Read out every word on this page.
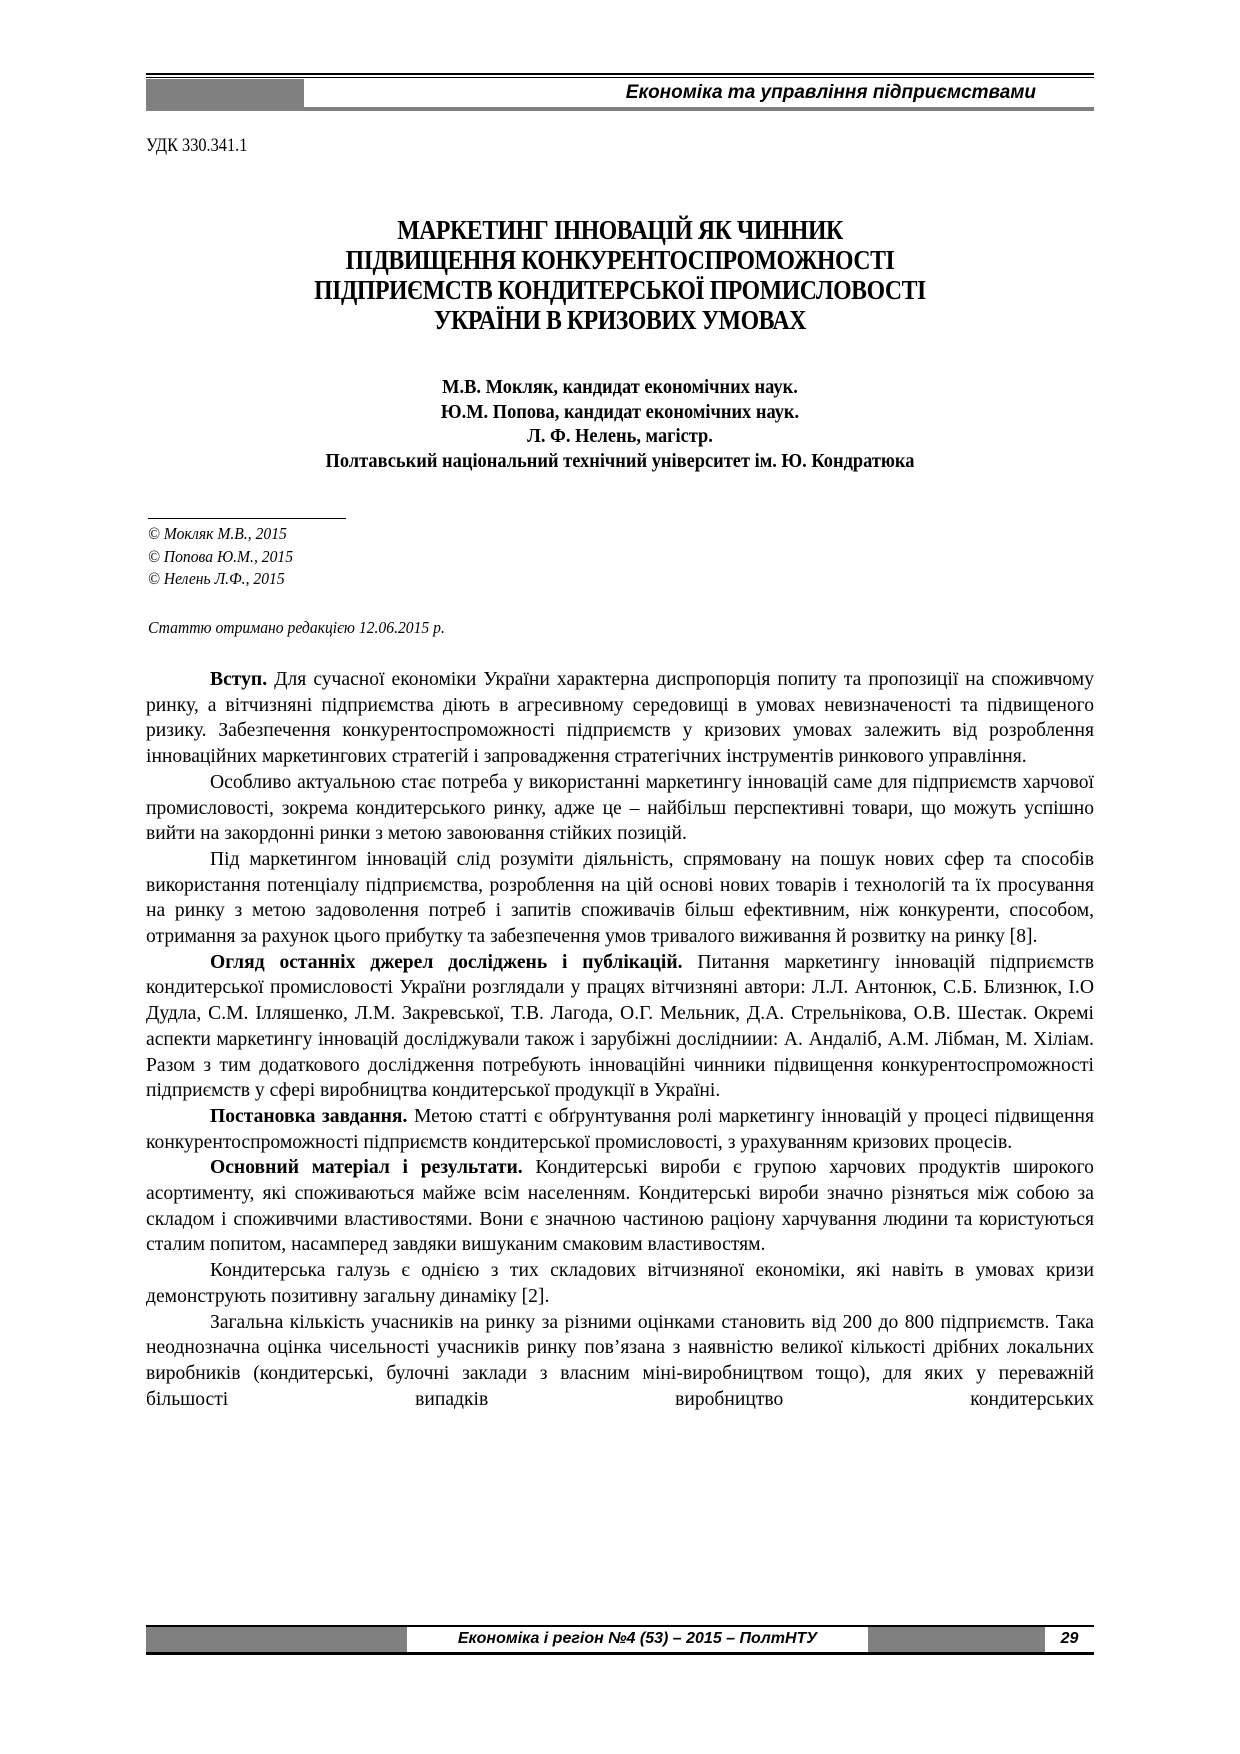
Економіка та управління підприємствами
УДК 330.341.1
МАРКЕТИНГ ІННОВАЦІЙ ЯК ЧИННИК
ПІДВИЩЕННЯ КОНКУРЕНТОСПРОМОЖНОСТІ
ПІДПРИЄМСТВ КОНДИТЕРСЬКОЇ ПРОМИСЛОВОСТІ
УКРАЇНИ В КРИЗОВИХ УМОВАХ
М.В. Мокляк, кандидат економічних наук.
Ю.М. Попова, кандидат економічних наук.
Л. Ф. Нелень, магістр.
Полтавський національний технічний університет ім. Ю. Кондратюка
© Мокляк М.В., 2015
© Попова Ю.М., 2015
© Нелень Л.Ф., 2015
Статтю отримано редакцією 12.06.2015 р.

Вступ. Для сучасної економіки України характерна диспропорція попиту та пропозиції на споживчому ринку, а вітчизняні підприємства діють в агресивному середовищі в умовах невизначеності та підвищеного ризику. Забезпечення конкурентоспроможності підприємств у кризових умовах залежить від розроблення інноваційних маркетингових стратегій і запровадження стратегічних інструментів ринкового управління.

Особливо актуальною стає потреба у використанні маркетингу інновацій саме для підприємств харчової промисловості, зокрема кондитерського ринку, адже це – найбільш перспективні товари, що можуть успішно вийти на закордонні ринки з метою завоювання стійких позицій.

Під маркетингом інновацій слід розуміти діяльність, спрямовану на пошук нових сфер та способів використання потенціалу підприємства, розроблення на цій основі нових товарів і технологій та їх просування на ринку з метою задоволення потреб і запитів споживачів більш ефективним, ніж конкуренти, способом, отримання за рахунок цього прибутку та забезпечення умов тривалого виживання й розвитку на ринку [8].

Огляд останніх джерел досліджень і публікацій. Питання маркетингу інновацій підприємств кондитерської промисловості України розглядали у працях вітчизняні автори: Л.Л. Антонюк, С.Б. Близнюк, І.О Дудла, С.М. Ілляшенко, Л.М. Закревської, Т.В. Лагода, О.Г. Мельник, Д.А. Стрельнікова, О.В. Шестак. Окремі аспекти маркетингу інновацій досліджували також і зарубіжні дослідниии: А. Андаліб, А.М. Лібман, М. Хіліам. Разом з тим додаткового дослідження потребують інноваційні чинники підвищення конкурентоспроможності підприємств у сфері виробництва кондитерської продукції в Україні.

Постановка завдання. Метою статті є обґрунтування ролі маркетингу інновацій у процесі підвищення конкурентоспроможності підприємств кондитерської промисловості, з урахуванням кризових процесів.

Основний матеріал і результати. Кондитерські вироби є групою харчових продуктів широкого асортименту, які споживаються майже всім населенням. Кондитерські вироби значно різняться між собою за складом і споживчими властивостями. Вони є значною частиною раціону харчування людини та користуються сталим попитом, насамперед завдяки вишуканим смаковим властивостям.

Кондитерська галузь є однією з тих складових вітчизняної економіки, які навіть в умовах кризи демонструють позитивну загальну динаміку [2].

Загальна кількість учасників на ринку за різними оцінками становить від 200 до 800 підприємств. Така неоднозначна оцінка чисельності учасників ринку пов’язана з наявністю великої кількості дрібних локальних виробників (кондитерські, булочні заклади з власним міні-виробництвом тощо), для яких у переважній більшості випадків виробництво кондитерських

Економіка і регіон №4 (53) – 2015 – ПолтНТУ	29
